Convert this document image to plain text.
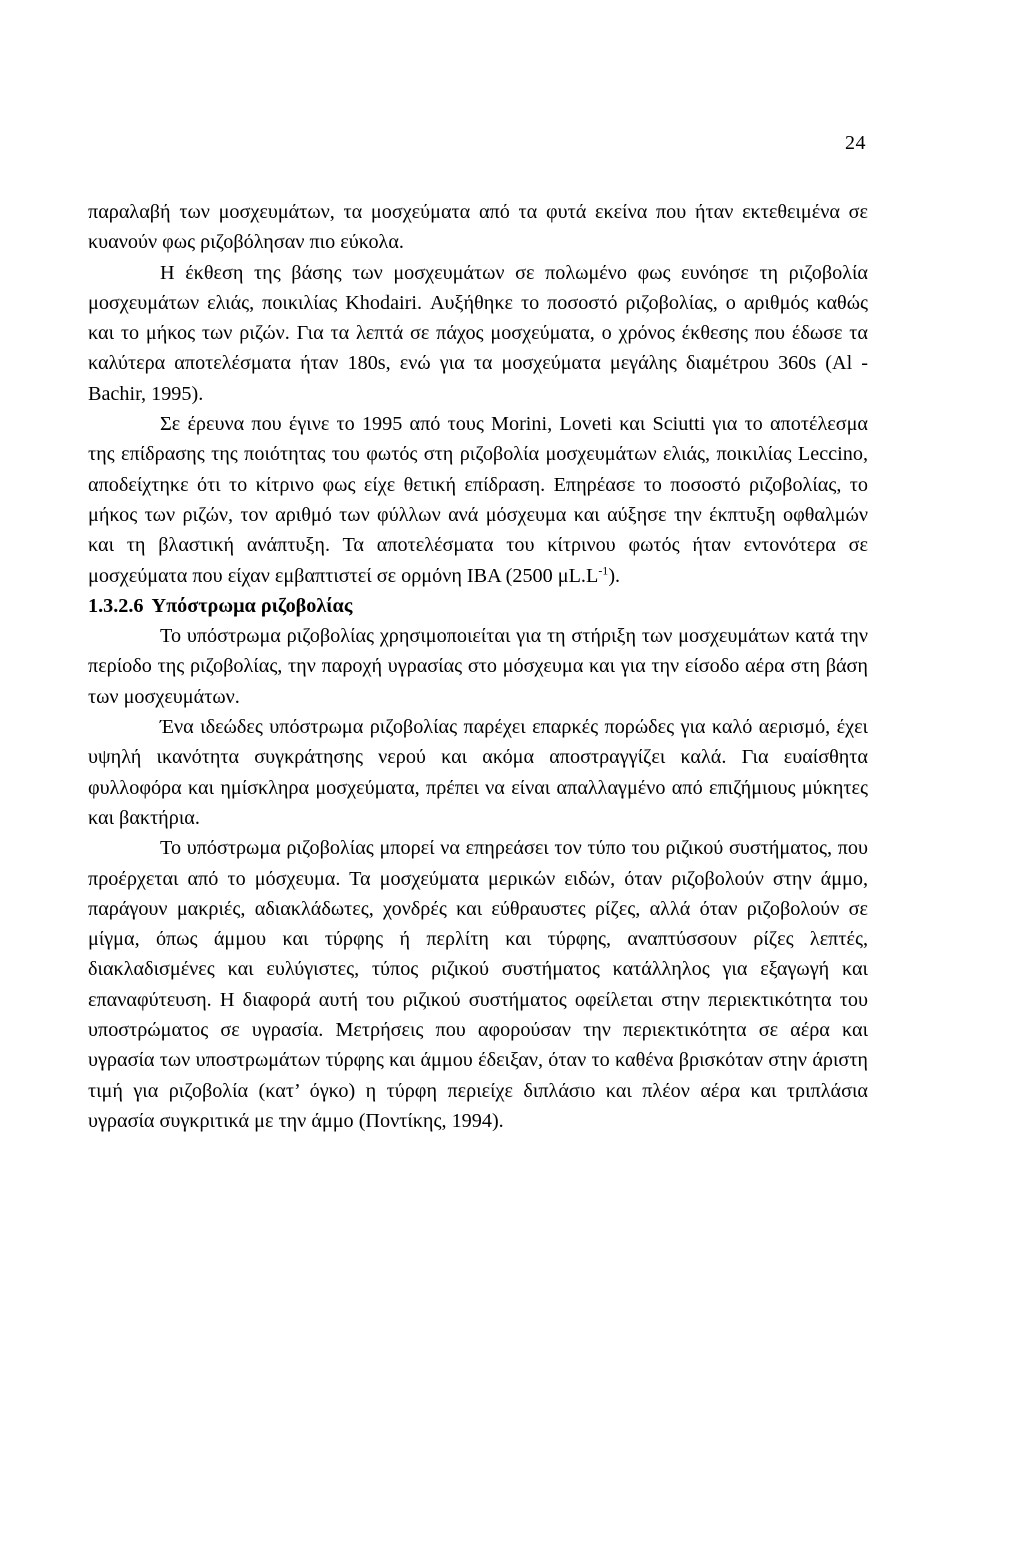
24

παραλαβή των μοσχευμάτων, τα μοσχεύματα από τα φυτά εκείνα που ήταν εκτεθειμένα σε κυανούν φως ριζοβόλησαν πιο εύκολα.

Η έκθεση της βάσης των μοσχευμάτων σε πολωμένο φως ευνόησε τη ριζοβολία μοσχευμάτων ελιάς, ποικιλίας Khodairi. Αυξήθηκε το ποσοστό ριζοβολίας, ο αριθμός καθώς και το μήκος των ριζών. Για τα λεπτά σε πάχος μοσχεύματα, ο χρόνος έκθεσης που έδωσε τα καλύτερα αποτελέσματα ήταν 180s, ενώ για τα μοσχεύματα μεγάλης διαμέτρου 360s (Al - Bachir, 1995).

Σε έρευνα που έγινε το 1995 από τους Morini, Loveti και Sciutti για το αποτέλεσμα της επίδρασης της ποιότητας του φωτός στη ριζοβολία μοσχευμάτων ελιάς, ποικιλίας Leccino, αποδείχτηκε ότι το κίτρινο φως είχε θετική επίδραση. Επηρέασε το ποσοστό ριζοβολίας, το μήκος των ριζών, τον αριθμό των φύλλων ανά μόσχευμα και αύξησε την έκπτυξη οφθαλμών και τη βλαστική ανάπτυξη. Τα αποτελέσματα του κίτρινου φωτός ήταν εντονότερα σε μοσχεύματα που είχαν εμβαπτιστεί σε ορμόνη IBA (2500 $\mu L.L^{-1}$).

1.3.2.6 Υπόστρωμα ριζοβολίας

Το υπόστρωμα ριζοβολίας χρησιμοποιείται για τη στήριξη των μοσχευμάτων κατά την περίοδο της ριζοβολίας, την παροχή υγρασίας στο μόσχευμα και για την είσοδο αέρα στη βάση των μοσχευμάτων.

Ένα ιδεώδες υπόστρωμα ριζοβολίας παρέχει επαρκές πορώδες για καλό αερισμό, έχει υψηλή ικανότητα συγκράτησης νερού και ακόμα αποστραγγίζει καλά. Για ευαίσθητα φυλλοφόρα και ημίσκληρα μοσχεύματα, πρέπει να είναι απαλλαγμένο από επιζήμιους μύκητες και βακτήρια.

Το υπόστρωμα ριζοβολίας μπορεί να επηρεάσει τον τύπο του ριζικού συστήματος, που προέρχεται από το μόσχευμα. Τα μοσχεύματα μερικών ειδών, όταν ριζοβολούν στην άμμο, παράγουν μακριές, αδιακλάδωτες, χονδρές και εύθραυστες ρίζες, αλλά όταν ριζοβολούν σε μίγμα, όπως άμμου και τύρφης ή περλίτη και τύρφης, αναπτύσσουν ρίζες λεπτές, διακλαδισμένες και ευλύγιστες, τύπος ριζικού συστήματος κατάλληλος για εξαγωγή και επαναφύτευση. Η διαφορά αυτή του ριζικού συστήματος οφείλεται στην περιεκτικότητα του υποστρώματος σε υγρασία. Μετρήσεις που αφορούσαν την περιεκτικότητα σε αέρα και υγρασία των υποστρωμάτων τύρφης και άμμου έδειξαν, όταν το καθένα βρισκόταν στην άριστη τιμή για ριζοβολία (κατ’ όγκο) η τύρφη περιείχε διπλάσιο και πλέον αέρα και τριπλάσια υγρασία συγκριτικά με την άμμο (Ποντίκης, 1994).
